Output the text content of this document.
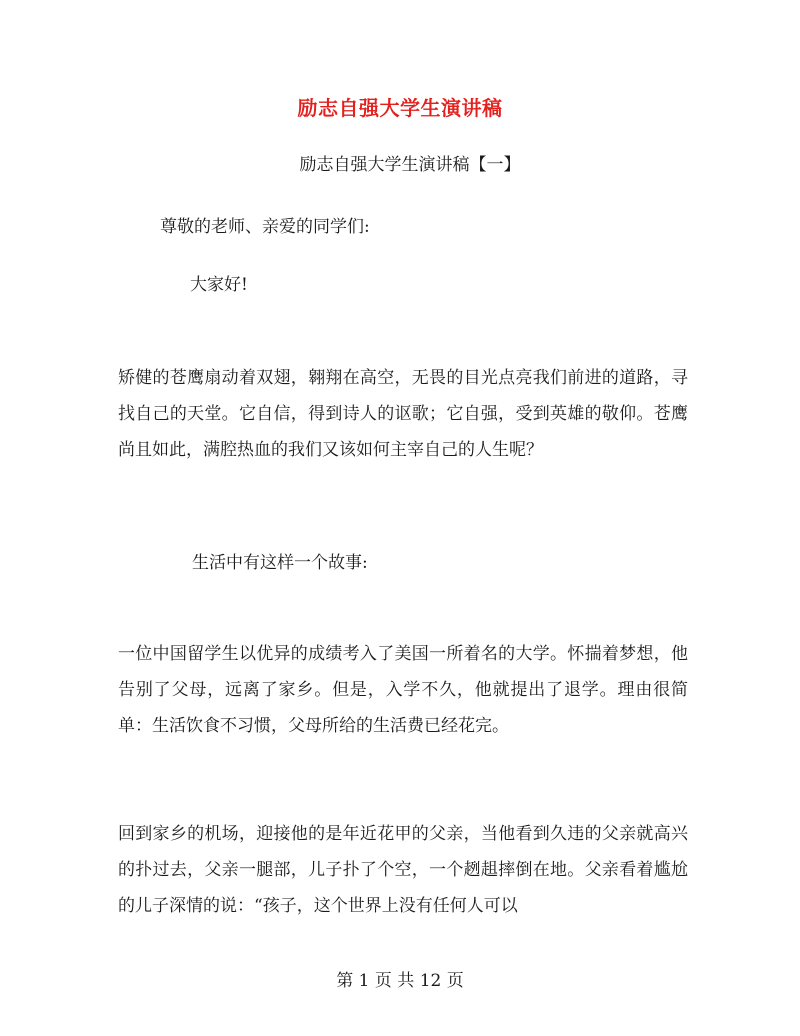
励志自强大学生演讲稿
励志自强大学生演讲稿【一】
尊敬的老师、亲爱的同学们:
大家好!
矫健的苍鹰扇动着双翅，翱翔在高空，无畏的目光点亮我们前进的道路，寻找自己的天堂。它自信，得到诗人的讴歌；它自强，受到英雄的敬仰。苍鹰尚且如此，满腔热血的我们又该如何主宰自己的人生呢？
生活中有这样一个故事:
一位中国留学生以优异的成绩考入了美国一所着名的大学。怀揣着梦想，他告别了父母，远离了家乡。但是，入学不久，他就提出了退学。理由很简单：生活饮食不习惯，父母所给的生活费已经花完。
回到家乡的机场，迎接他的是年近花甲的父亲，当他看到久违的父亲就高兴的扑过去，父亲一腿部，儿子扑了个空，一个趔趄摔倒在地。父亲看着尴尬的儿子深情的说：“孩子，这个世界上没有任何人可以
第 1 页 共 12 页
